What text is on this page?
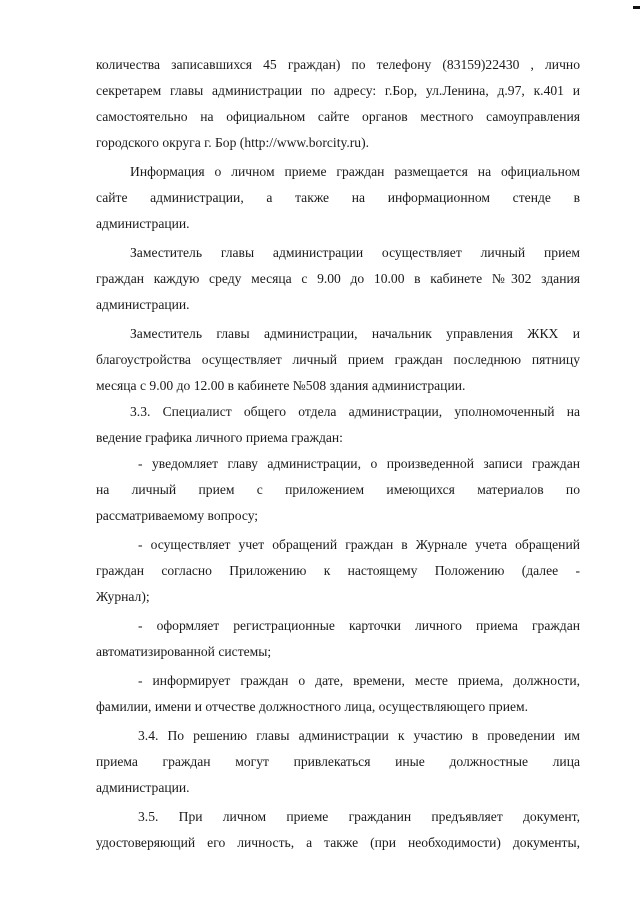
количества записавшихся 45 граждан) по телефону (83159)22430 , лично
секретарем главы администрации по адресу: г.Бор, ул.Ленина, д.97, к.401 и
самостоятельно на официальном сайте органов местного самоуправления
городского округа г. Бор (http://www.borcity.ru).
Информация о личном приеме граждан размещается на официальном
сайте администрации, а также на информационном стенде в
администрации.
Заместитель главы администрации осуществляет личный прием
граждан каждую среду месяца с 9.00 до 10.00 в кабинете №302 здания
администрации.
Заместитель главы администрации, начальник управления ЖКХ и
благоустройства осуществляет личный прием граждан последнюю пятницу
месяца с 9.00 до 12.00 в кабинете №508 здания администрации.
3.3. Специалист общего отдела администрации, уполномоченный на
ведение графика личного приема граждан:
- уведомляет главу администрации, о произведенной записи граждан
на личный прием с приложением имеющихся материалов по
рассматриваемому вопросу;
- осуществляет учет обращений граждан в Журнале учета обращений
граждан согласно Приложению к настоящему Положению (далее -
Журнал);
- оформляет регистрационные карточки личного приема граждан
автоматизированной системы;
- информирует граждан о дате, времени, месте приема, должности,
фамилии, имени и отчестве должностного лица, осуществляющего прием.
3.4. По решению главы администрации к участию в проведении им
приема граждан могут привлекаться иные должностные лица
администрации.
3.5. При личном приеме гражданин предъявляет документ,
удостоверяющий его личность, а также (при необходимости) документы,
